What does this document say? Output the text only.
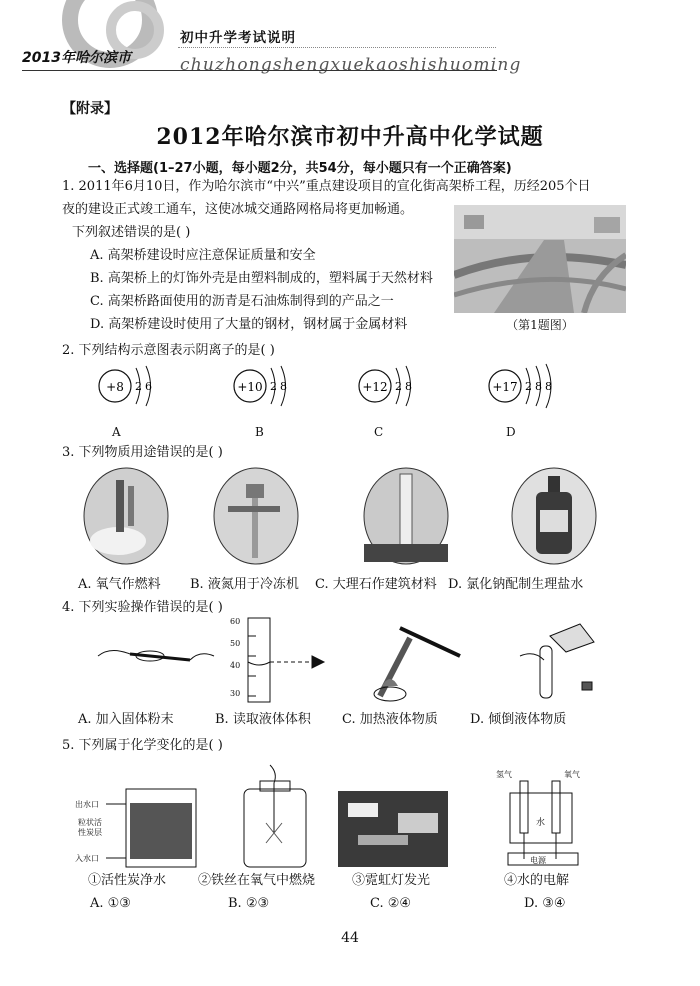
初中升学考试说明
2013年哈尔滨市	chuzhongshengxuekaoshishuoming
【附录】
2012年哈尔滨市初中升高中化学试题
一、选择题(1–27小题，每小题2分，共54分，每小题只有一个正确答案)
1. 2011年6月10日，作为哈尔滨市“中兴”重点建设项目的宣化街高架桥工程，历经205个日
夜的建设正式竣工通车，这使冰城交通路网格局将更加畅通。
下列叙述错误的是( )
A. 高架桥建设时应注意保证质量和安全
B. 高架桥上的灯饰外壳是由塑料制成的，塑料属于天然材料
C. 高架桥路面使用的沥青是石油炼制得到的产品之一
D. 高架桥建设时使用了大量的钢材，钢材属于金属材料	（第1题图）
2. 下列结构示意图表示阴离子的是( )
+8 2 6	+10 2 8	+12 2 8	+17 2 8 8
A	B	C	D
3. 下列物质用途错误的是( )
A. 氧气作燃料 B. 液氮用于冷冻机 C. 大理石作建筑材料 D. 氯化钠配制生理盐水
4. 下列实验操作错误的是( )
60
50
40
30
A. 加入固体粉末	B. 读取液体体积 C. 加热液体物质 D. 倾倒液体物质
5. 下列属于化学变化的是( )
出水口
粒状活
性炭层
入水口
氢气	氧气
水
电源
①活性炭净水 ②铁丝在氧气中燃烧	③霓虹灯发光	④水的电解
A. ①③	B. ②③	C. ②④	D. ③④
44
